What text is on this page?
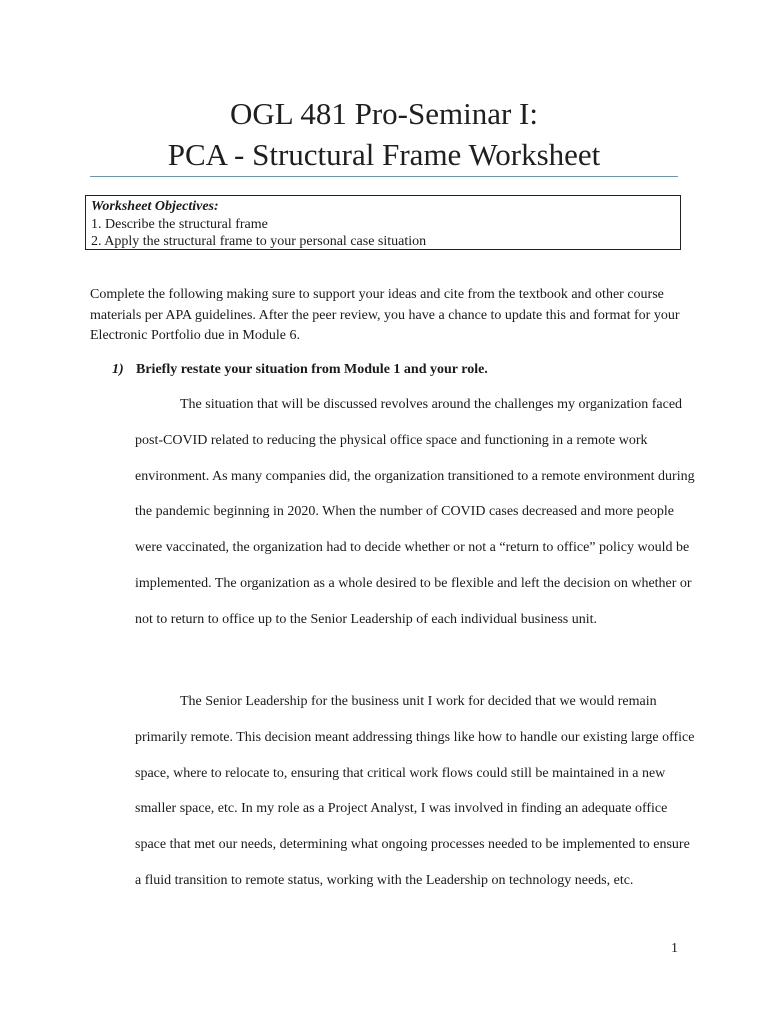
OGL 481 Pro-Seminar I:
PCA - Structural Frame Worksheet
Worksheet Objectives:
1. Describe the structural frame
2. Apply the structural frame to your personal case situation
Complete the following making sure to support your ideas and cite from the textbook and other course materials per APA guidelines. After the peer review, you have a chance to update this and format for your Electronic Portfolio due in Module 6.
1) Briefly restate your situation from Module 1 and your role.
The situation that will be discussed revolves around the challenges my organization faced post-COVID related to reducing the physical office space and functioning in a remote work environment. As many companies did, the organization transitioned to a remote environment during the pandemic beginning in 2020. When the number of COVID cases decreased and more people were vaccinated, the organization had to decide whether or not a “return to office” policy would be implemented. The organization as a whole desired to be flexible and left the decision on whether or not to return to office up to the Senior Leadership of each individual business unit.
The Senior Leadership for the business unit I work for decided that we would remain primarily remote. This decision meant addressing things like how to handle our existing large office space, where to relocate to, ensuring that critical work flows could still be maintained in a new smaller space, etc. In my role as a Project Analyst, I was involved in finding an adequate office space that met our needs, determining what ongoing processes needed to be implemented to ensure a fluid transition to remote status, working with the Leadership on technology needs, etc.
1
